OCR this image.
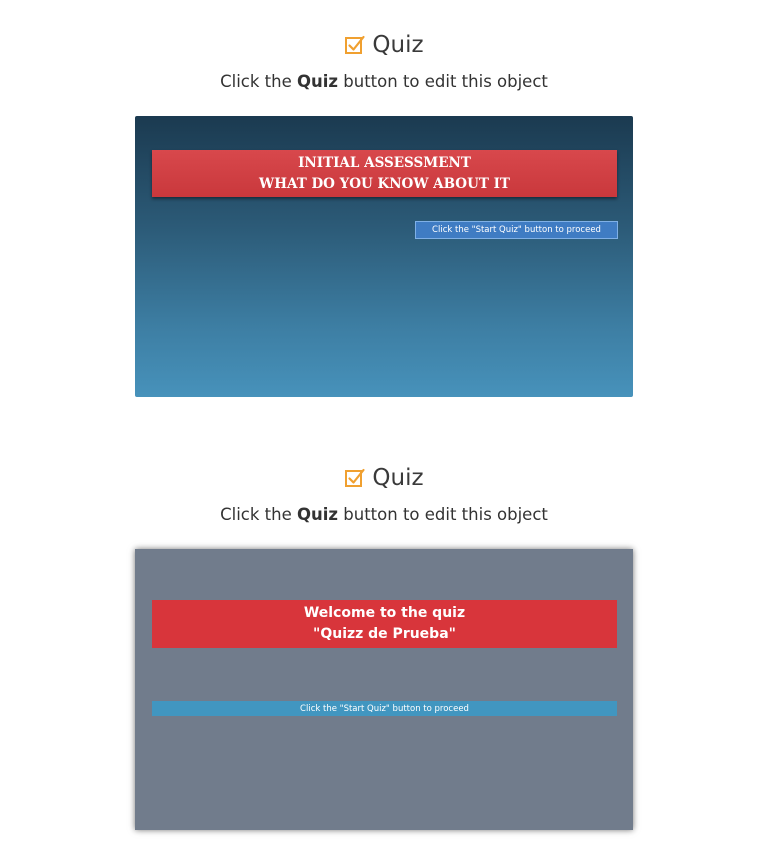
Quiz
Click the Quiz button to edit this object
INITIAL ASSESSMENT
WHAT DO YOU KNOW ABOUT IT
Click the "Start Quiz" button to proceed
Quiz
Click the Quiz button to edit this object
Welcome to the quiz
"Quizz de Prueba"
Click the "Start Quiz" button to proceed
